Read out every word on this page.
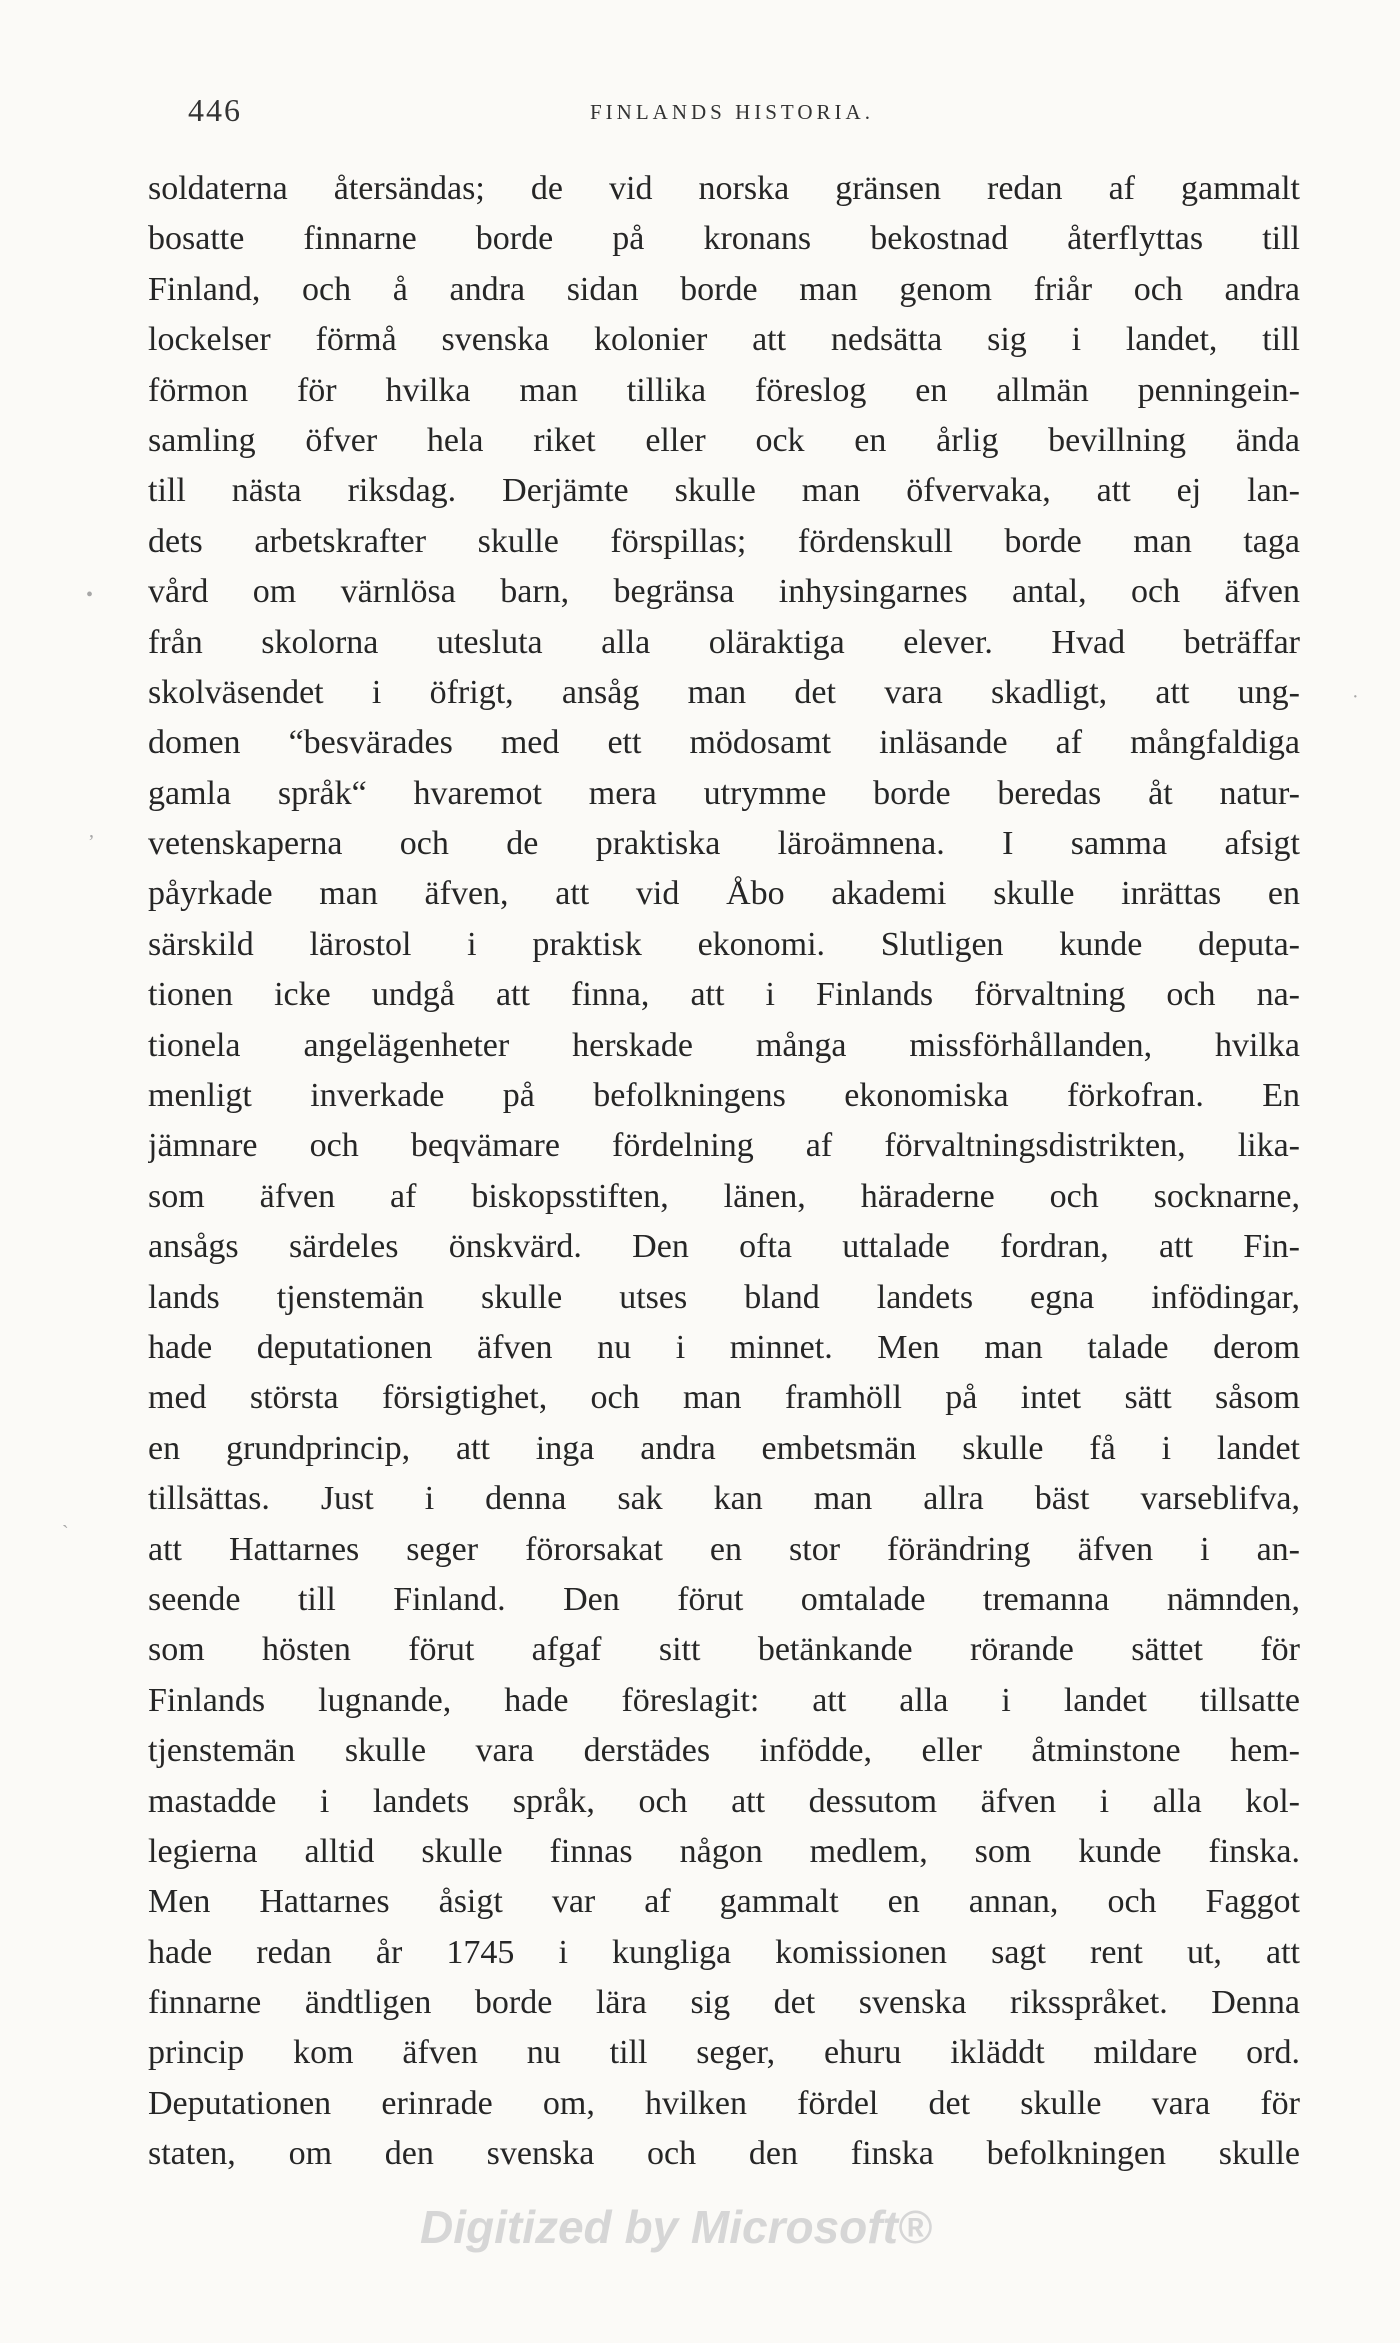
446	FINLANDS HISTORIA.
soldaterna återsändas; de vid norska gränsen redan af gammalt
bosatte finnarne borde på kronans bekostnad återflyttas till
Finland, och å andra sidan borde man genom friår och andra
lockelser förmå svenska kolonier att nedsätta sig i landet, till
förmon för hvilka man tillika föreslog en allmän penningein-
samling öfver hela riket eller ock en årlig bevillning ända
till nästa riksdag. Derjämte skulle man öfvervaka, att ej lan-
dets arbetskrafter skulle förspillas; fördenskull borde man taga
vård om värnlösa barn, begränsa inhysingarnes antal, och äfven
från skolorna utesluta alla oläraktiga elever. Hvad beträffar
skolväsendet i öfrigt, ansåg man det vara skadligt, att ung-
domen “besvärades med ett mödosamt inläsande af mångfaldiga
gamla språk“ hvaremot mera utrymme borde beredas åt natur-
vetenskaperna och de praktiska läroämnena. I samma afsigt
påyrkade man äfven, att vid Åbo akademi skulle inrättas en
särskild lärostol i praktisk ekonomi. Slutligen kunde deputa-
tionen icke undgå att finna, att i Finlands förvaltning och na-
tionela angelägenheter herskade många missförhållanden, hvilka
menligt inverkade på befolkningens ekonomiska förkofran. En
jämnare och beqvämare fördelning af förvaltningsdistrikten, lika-
som äfven af biskopsstiften, länen, häraderne och socknarne,
ansågs särdeles önskvärd. Den ofta uttalade fordran, att Fin-
lands tjenstemän skulle utses bland landets egna infödingar,
hade deputationen äfven nu i minnet. Men man talade derom
med största försigtighet, och man framhöll på intet sätt såsom
en grundprincip, att inga andra embetsmän skulle få i landet
tillsättas. Just i denna sak kan man allra bäst varseblifva,
att Hattarnes seger förorsakat en stor förändring äfven i an-
seende till Finland. Den förut omtalade tremanna nämnden,
som hösten förut afgaf sitt betänkande rörande sättet för
Finlands lugnande, hade föreslagit: att alla i landet tillsatte
tjenstemän skulle vara derstädes infödde, eller åtminstone hem-
mastadde i landets språk, och att dessutom äfven i alla kol-
legierna alltid skulle finnas någon medlem, som kunde finska.
Men Hattarnes åsigt var af gammalt en annan, och Faggot
hade redan år 1745 i kungliga komissionen sagt rent ut, att
finnarne ändtligen borde lära sig det svenska riksspråket. Denna
princip kom äfven nu till seger, ehuru ikläddt mildare ord.
Deputationen erinrade om, hvilken fördel det skulle vara för
staten, om den svenska och den finska befolkningen skulle
•
·
‚
ˋ
Digitized by Microsoft®
